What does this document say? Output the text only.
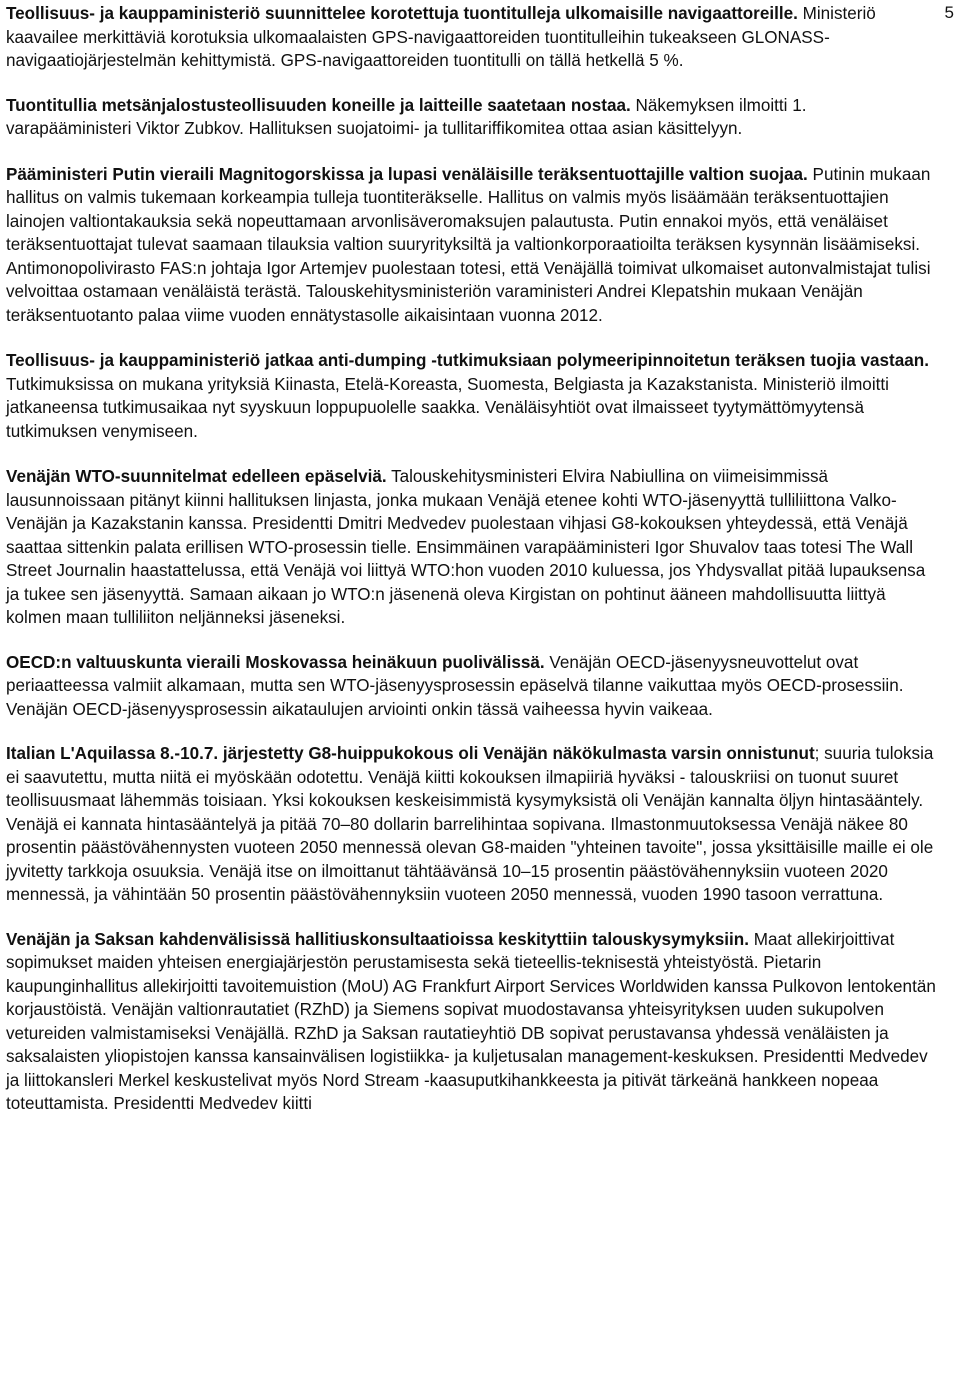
5

Teollisuus- ja kauppaministeriö suunnittelee korotettuja tuontitulleja ulkomaisille navigaattoreille. Ministeriö kaavailee merkittäviä korotuksia ulkomaalaisten GPS-navigaattoreiden tuontitulleihin tukeakseen GLONASS-navigaatiojärjestelmän kehittymistä. GPS-navigaattoreiden tuontitulli on tällä hetkellä 5 %.

Tuontitullia metsänjalostusteollisuuden koneille ja laitteille saatetaan nostaa. Näkemyksen ilmoitti 1. varapääministeri Viktor Zubkov. Hallituksen suojatoimi- ja tullitariffikomitea ottaa asian käsittelyyn.

Pääministeri Putin vieraili Magnitogorskissa ja lupasi venäläisille teräksentuottajille valtion suojaa. Putinin mukaan hallitus on valmis tukemaan korkeampia tulleja tuontiteräkselle. Hallitus on valmis myös lisäämään teräksentuottajien lainojen valtiontakauksia sekä nopeuttamaan arvonlisäveromaksujen palautusta. Putin ennakoi myös, että venäläiset teräksentuottajat tulevat saamaan tilauksia valtion suuryrityksiltä ja valtionkorporaatioilta teräksen kysynnän lisäämiseksi. Antimonopolivirasto FAS:n johtaja Igor Artemjev puolestaan totesi, että Venäjällä toimivat ulkomaiset autonvalmistajat tulisi velvoittaa ostamaan venäläistä terästä. Talouskehitysministeriön varaministeri Andrei Klepatshin mukaan Venäjän teräksentuotanto palaa viime vuoden ennätystasolle aikaisintaan vuonna 2012.

Teollisuus- ja kauppaministeriö jatkaa anti-dumping -tutkimuksiaan polymeeripinnoitetun teräksen tuojia vastaan. Tutkimuksissa on mukana yrityksiä Kiinasta, Etelä-Koreasta, Suomesta, Belgiasta ja Kazakstanista. Ministeriö ilmoitti jatkaneensa tutkimusaikaa nyt syyskuun loppupuolelle saakka. Venäläisyhtiöt ovat ilmaisseet tyytymättömyytensä tutkimuksen venymiseen.

Venäjän WTO-suunnitelmat edelleen epäselviä. Talouskehitysministeri Elvira Nabiullina on viimeisimmissä lausunnoissaan pitänyt kiinni hallituksen linjasta, jonka mukaan Venäjä etenee kohti WTO-jäsenyyttä tulliliittona Valko-Venäjän ja Kazakstanin kanssa. Presidentti Dmitri Medvedev puolestaan vihjasi G8-kokouksen yhteydessä, että Venäjä saattaa sittenkin palata erillisen WTO-prosessin tielle. Ensimmäinen varapääministeri Igor Shuvalov taas totesi The Wall Street Journalin haastattelussa, että Venäjä voi liittyä WTO:hon vuoden 2010 kuluessa, jos Yhdysvallat pitää lupauksensa ja tukee sen jäsenyyttä. Samaan aikaan jo WTO:n jäsenenä oleva Kirgistan on pohtinut ääneen mahdollisuutta liittyä kolmen maan tulliliiton neljänneksi jäseneksi.

OECD:n valtuuskunta vieraili Moskovassa heinäkuun puolivälissä. Venäjän OECD-jäsenyysneuvottelut ovat periaatteessa valmiit alkamaan, mutta sen WTO-jäsenyysprosessin epäselvä tilanne vaikuttaa myös OECD-prosessiin. Venäjän OECD-jäsenyysprosessin aikataulujen arviointi onkin tässä vaiheessa hyvin vaikeaa.

Italian L'Aquilassa 8.-10.7. järjestetty G8-huippukokous oli Venäjän näkökulmasta varsin onnistunut; suuria tuloksia ei saavutettu, mutta niitä ei myöskään odotettu. Venäjä kiitti kokouksen ilmapiiriä hyväksi - talouskriisi on tuonut suuret teollisuusmaat lähemmäs toisiaan. Yksi kokouksen keskeisimmistä kysymyksistä oli Venäjän kannalta öljyn hintasääntely. Venäjä ei kannata hintasääntelyä ja pitää 70–80 dollarin barrelihintaa sopivana. Ilmastonmuutoksessa Venäjä näkee 80 prosentin päästövähennysten vuoteen 2050 mennessä olevan G8-maiden "yhteinen tavoite", jossa yksittäisille maille ei ole jyvitetty tarkkoja osuuksia. Venäjä itse on ilmoittanut tähtäävänsä 10–15 prosentin päästövähennyksiin vuoteen 2020 mennessä, ja vähintään 50 prosentin päästövähennyksiin vuoteen 2050 mennessä, vuoden 1990 tasoon verrattuna.

Venäjän ja Saksan kahdenvälisissä hallitiuskonsultaatioissa keskityttiin talouskysymyksiin. Maat allekirjoittivat sopimukset maiden yhteisen energiajärjestön perustamisesta sekä tieteellis-teknisestä yhteistyöstä. Pietarin kaupunginhallitus allekirjoitti tavoitemuistion (MoU) AG Frankfurt Airport Services Worldwiden kanssa Pulkovon lentokentän korjaustöistä. Venäjän valtionrautatiet (RZhD) ja Siemens sopivat muodostavansa yhteisyrityksen uuden sukupolven vetureiden valmistamiseksi Venäjällä. RZhD ja Saksan rautatieyhtiö DB sopivat perustavansa yhdessä venäläisten ja saksalaisten yliopistojen kanssa kansainvälisen logistiikka- ja kuljetusalan management-keskuksen. Presidentti Medvedev ja liittokansleri Merkel keskustelivat myös Nord Stream -kaasuputkihankkeesta ja pitivät tärkeänä hankkeen nopeaa toteuttamista. Presidentti Medvedev kiitti
